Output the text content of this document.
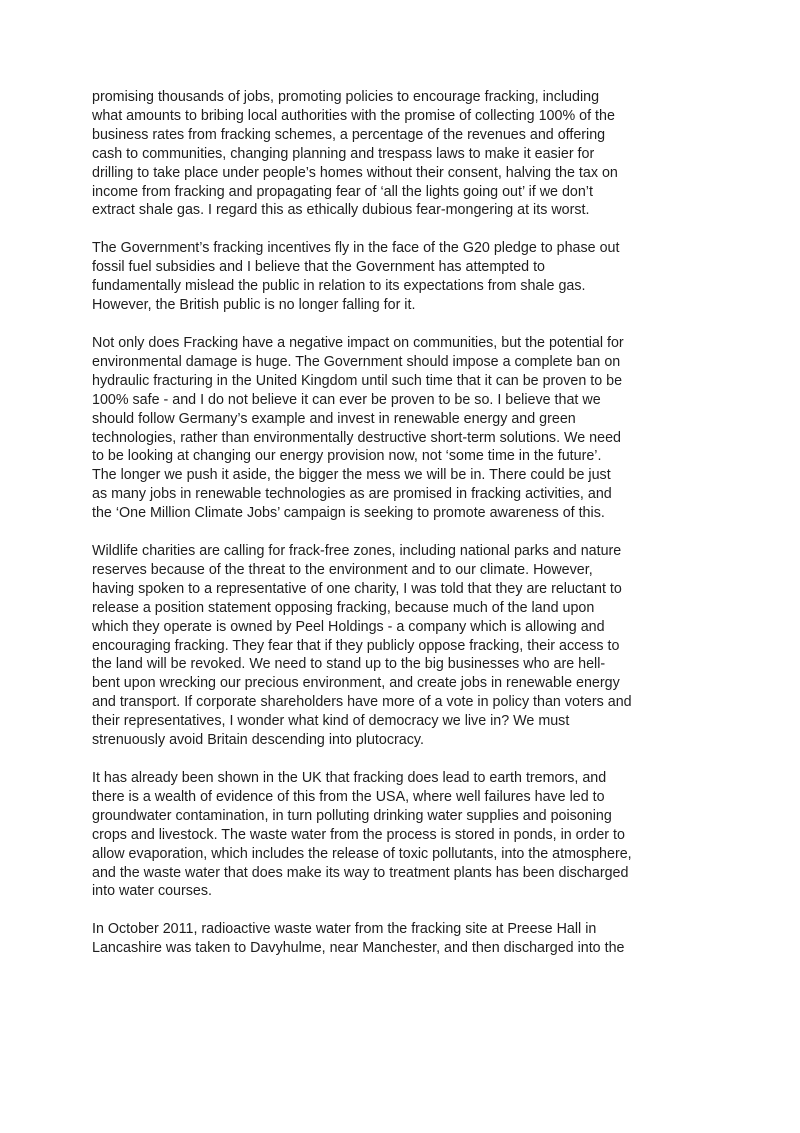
promising thousands of jobs, promoting policies to encourage fracking, including
what amounts to bribing local authorities with the promise of collecting 100% of the
business rates from fracking schemes, a percentage of the revenues and offering
cash to communities, changing planning and trespass laws to make it easier for
drilling to take place under people’s homes without their consent, halving the tax on
income from fracking and propagating fear of ‘all the lights going out’ if we don’t
extract shale gas. I regard this as ethically dubious fear-mongering at its worst.

The Government’s fracking incentives fly in the face of the G20 pledge to phase out
fossil fuel subsidies and I believe that the Government has attempted to
fundamentally mislead the public in relation to its expectations from shale gas.
However, the British public is no longer falling for it.

Not only does Fracking have a negative impact on communities, but the potential for
environmental damage is huge. The Government should impose a complete ban on
hydraulic fracturing in the United Kingdom until such time that it can be proven to be
100% safe - and I do not believe it can ever be proven to be so. I believe that we
should follow Germany’s example and invest in renewable energy and green
technologies, rather than environmentally destructive short-term solutions. We need
to be looking at changing our energy provision now, not ‘some time in the future’.
The longer we push it aside, the bigger the mess we will be in. There could be just
as many jobs in renewable technologies as are promised in fracking activities, and
the ‘One Million Climate Jobs’ campaign is seeking to promote awareness of this.

Wildlife charities are calling for frack-free zones, including national parks and nature
reserves because of the threat to the environment and to our climate. However,
having spoken to a representative of one charity, I was told that they are reluctant to
release a position statement opposing fracking, because much of the land upon
which they operate is owned by Peel Holdings - a company which is allowing and
encouraging fracking. They fear that if they publicly oppose fracking, their access to
the land will be revoked. We need to stand up to the big businesses who are hell-
bent upon wrecking our precious environment, and create jobs in renewable energy
and transport. If corporate shareholders have more of a vote in policy than voters and
their representatives, I wonder what kind of democracy we live in? We must
strenuously avoid Britain descending into plutocracy.

It has already been shown in the UK that fracking does lead to earth tremors, and
there is a wealth of evidence of this from the USA, where well failures have led to
groundwater contamination, in turn polluting drinking water supplies and poisoning
crops and livestock. The waste water from the process is stored in ponds, in order to
allow evaporation, which includes the release of toxic pollutants, into the atmosphere,
and the waste water that does make its way to treatment plants has been discharged
into water courses.

In October 2011, radioactive waste water from the fracking site at Preese Hall in
Lancashire was taken to Davyhulme, near Manchester, and then discharged into the
